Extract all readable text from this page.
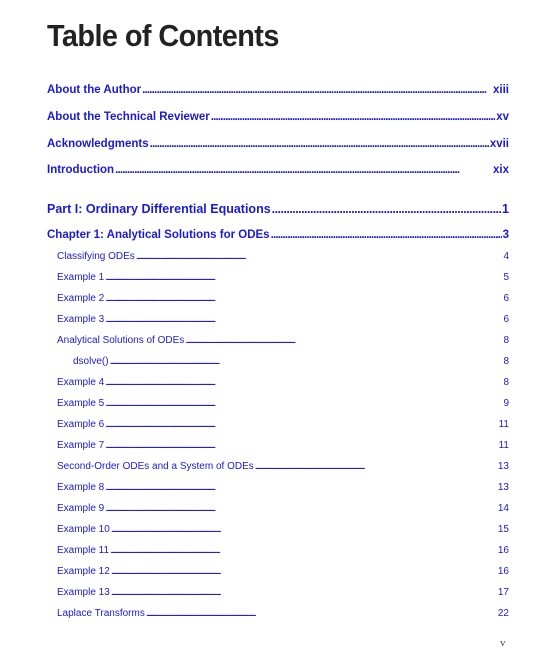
Table of Contents
About the Author . . .	xiii
About the Technical Reviewer . . .	xv
Acknowledgments . . .	xvii
Introduction . . .	xix
Part I: Ordinary Differential Equations . . .	1
Chapter 1: Analytical Solutions for ODEs . . .	3
Classifying ODEs . . .	4
Example 1 . . .	5
Example 2 . . .	6
Example 3 . . .	6
Analytical Solutions of ODEs . . .	8
dsolve() . . .	8
Example 4 . . .	8
Example 5 . . .	9
Example 6 . . .	11
Example 7 . . .	11
Second-Order ODEs and a System of ODEs . . .	13
Example 8 . . .	13
Example 9 . . .	14
Example 10 . . .	15
Example 11 . . .	16
Example 12 . . .	16
Example 13 . . .	17
Laplace Transforms . . .	22
v
